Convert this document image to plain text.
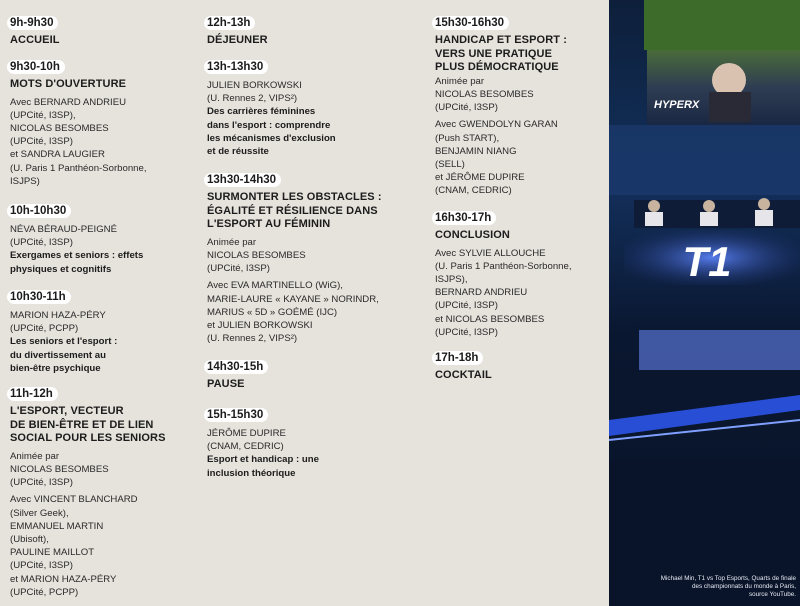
9h-9h30
ACCUEIL
9h30-10h
MOTS D'OUVERTURE
Avec BERNARD ANDRIEU
(UPCité, I3SP),
NICOLAS BESOMBES
(UPCité, I3SP)
et SANDRA LAUGIER
(U. Paris 1 Panthéon-Sorbonne,
ISJPS)
10h-10h30
NÉVA BÉRAUD-PEIGNÉ
(UPCité, I3SP)
Exergames et seniors : effets
physiques et cognitifs
10h30-11h
MARION HAZA-PÉRY
(UPCité, PCPP)
Les seniors et l'esport :
du divertissement au
bien-être psychique
11h-12h
L'ESPORT, VECTEUR
DE BIEN-ÊTRE ET DE LIEN
SOCIAL POUR LES SENIORS
Animée par
NICOLAS BESOMBES
(UPCité, I3SP)
Avec VINCENT BLANCHARD
(Silver Geek),
EMMANUEL MARTIN
(Ubisoft),
PAULINE MAILLOT
(UPCité, I3SP)
et MARION HAZA-PÉRY
(UPCité, PCPP)
12h-13h
DÉJEUNER
13h-13h30
JULIEN BORKOWSKI
(U. Rennes 2, VIPS²)
Des carrières féminines
dans l'esport : comprendre
les mécanismes d'exclusion
et de réussite
13h30-14h30
SURMONTER LES OBSTACLES :
ÉGALITÉ ET RÉSILIENCE DANS
L'ESPORT AU FÉMININ
Animée par
NICOLAS BESOMBES
(UPCité, I3SP)
Avec EVA MARTINELLO (WiG),
MARIE-LAURE « KAYANE » NORINDR,
MARIUS « 5D » GOÉMÉ (IJC)
et JULIEN BORKOWSKI
(U. Rennes 2, VIPS²)
14h30-15h
PAUSE
15h-15h30
JÉRÔME DUPIRE
(CNAM, CEDRIC)
Esport et handicap : une
inclusion théorique
15h30-16h30
HANDICAP ET ESPORT :
VERS UNE PRATIQUE
PLUS DÉMOCRATIQUE
Animée par
NICOLAS BESOMBES
(UPCité, I3SP)
Avec GWENDOLYN GARAN
(Push START),
BENJAMIN NIANG
(SELL)
et JÉRÔME DUPIRE
(CNAM, CEDRIC)
16h30-17h
CONCLUSION
Avec SYLVIE ALLOUCHE
(U. Paris 1 Panthéon-Sorbonne,
ISJPS),
BERNARD ANDRIEU
(UPCité, I3SP)
et NICOLAS BESOMBES
(UPCité, I3SP)
17h-18h
COCKTAIL
HYPERX
T1
Michael Min, T1 vs Top Esports, Quarts de finale
des championnats du monde à Paris,
source YouTube.
